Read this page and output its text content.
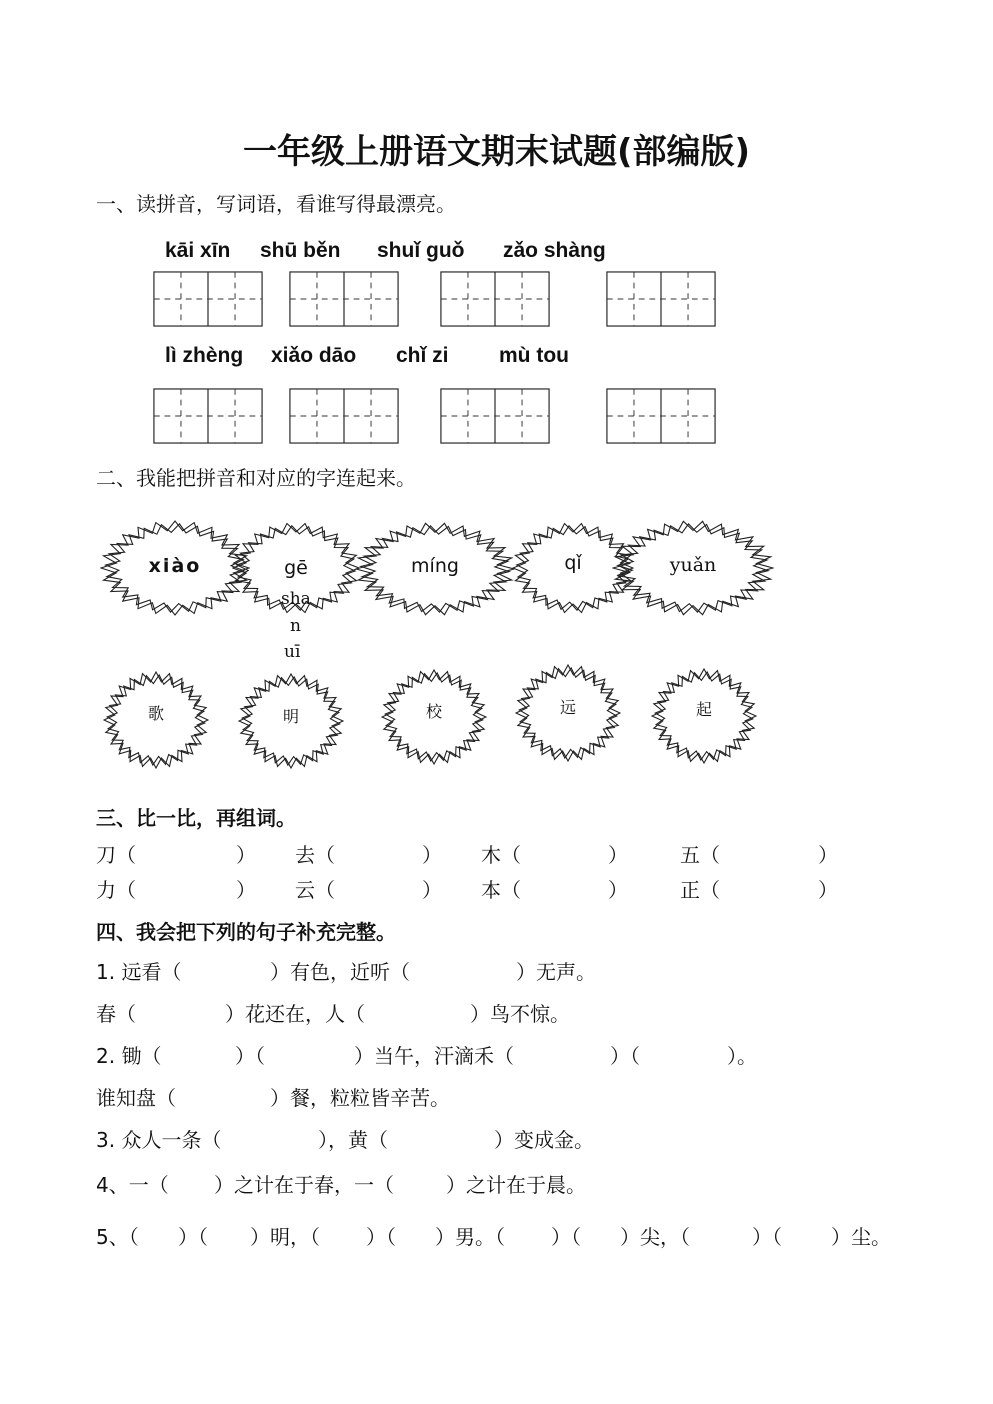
一年级上册语文期末试题(部编版)
一、读拼音，写词语，看谁写得最漂亮。
kāi xīn shū běn shuǐ guǒ zǎo shàng
lì zhèng xiǎo dāo chǐ zi mù tou
二、我能把拼音和对应的字连起来。
xiào	gē	míng	qǐ	yuǎn
sha
n
uī
歌	明	校	远	起
三、比一比，再组词。
刀（	） 去（	） 木（	）	五（	）
力（	） 云（	） 本（	）	正（	）
四、我会把下列的句子补充完整。
1. 远看（	）有色，近听（	）无声。
春（	）花还在，人（	）鸟不惊。
2. 锄（	）（	）当午，汗滴禾（	）（	）。
谁知盘（	）餐，粒粒皆辛苦。
3. 众人一条（	），黄（	）变成金。
4、一（ ）之计在于春，一（	）之计在于晨。
5、（ ）（ ）明，（ ）（ ）男。（ ）（ ）尖，（	）（ ）尘。
